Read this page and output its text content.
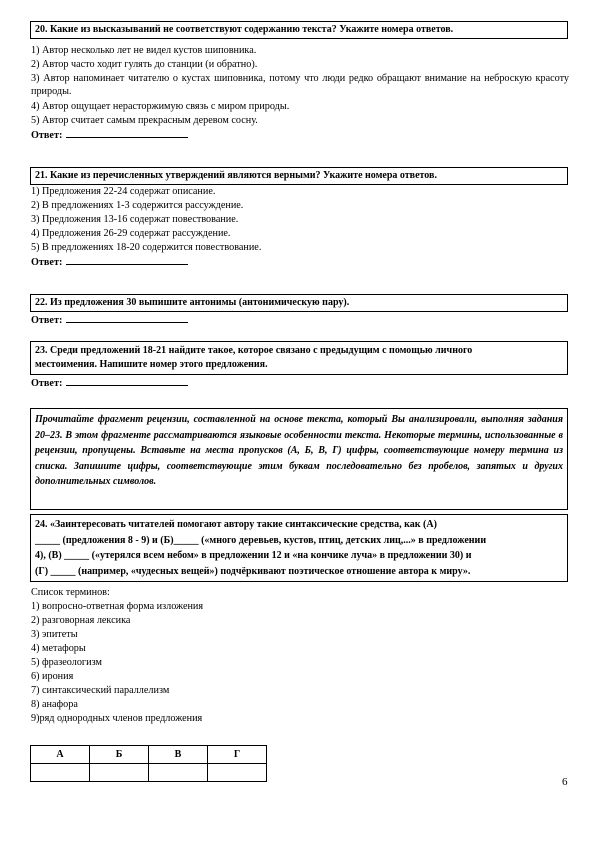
20. Какие из высказываний не соответствуют содержанию текста? Укажите номера ответов.
1) Автор несколько лет не видел кустов шиповника.
2) Автор часто ходит гулять до станции (и обратно).
3) Автор напоминает читателю о кустах шиповника, потому что люди редко обращают внимание на неброскую красоту природы.
4) Автор ощущает нерасторжимую связь с миром природы.
5) Автор считает самым прекрасным деревом сосну.
Ответ:
21. Какие из перечисленных утверждений являются верными? Укажите номера ответов.
1) Предложения 22-24 содержат описание.
2) В предложениях 1-3 содержится рассуждение.
3) Предложения 13-16 содержат повествование.
4) Предложения 26-29 содержат рассуждение.
5) В предложениях 18-20 содержится повествование.
Ответ:
22. Из предложения 30 выпишите антонимы (антонимическую пару).
Ответ:
23. Среди предложений 18-21 найдите такое, которое связано с предыдущим с помощью личного
местоимения. Напишите номер этого предложения.
Ответ:
Прочитайте фрагмент рецензии, составленной на основе текста, который Вы анализировали, выполняя задания 20–23. В этом фрагменте рассматриваются языковые особенности текста. Некоторые термины, использованные в рецензии, пропущены. Вставьте на места пропусков (А, Б, В, Г) цифры, соответствующие номеру термина из списка. Запишите цифры, соответствующие этим буквам последовательно без пробелов, запятых и других дополнительных символов.

24. «Заинтересовать читателей помогают автору такие синтаксические средства, как (А)

_____ (предложения 8 - 9) и (Б)_____ («много деревьев, кустов, птиц, детских лиц,...» в предложении

4), (В) _____ («утерялся всем небом» в предложении 12 и «на кончике луча» в предложении 30) и

(Г) _____ (например, «чудесных вещей») подчёркивают поэтическое отношение автора к миру».

Список терминов:
1) вопросно-ответная форма изложения
2) разговорная лексика
3) эпитеты
4) метафоры
5) фразеологизм
6) ирония
7) синтаксический параллелизм
8) анафора
9)ряд однородных членов предложения
А	Б	В	Г

6
